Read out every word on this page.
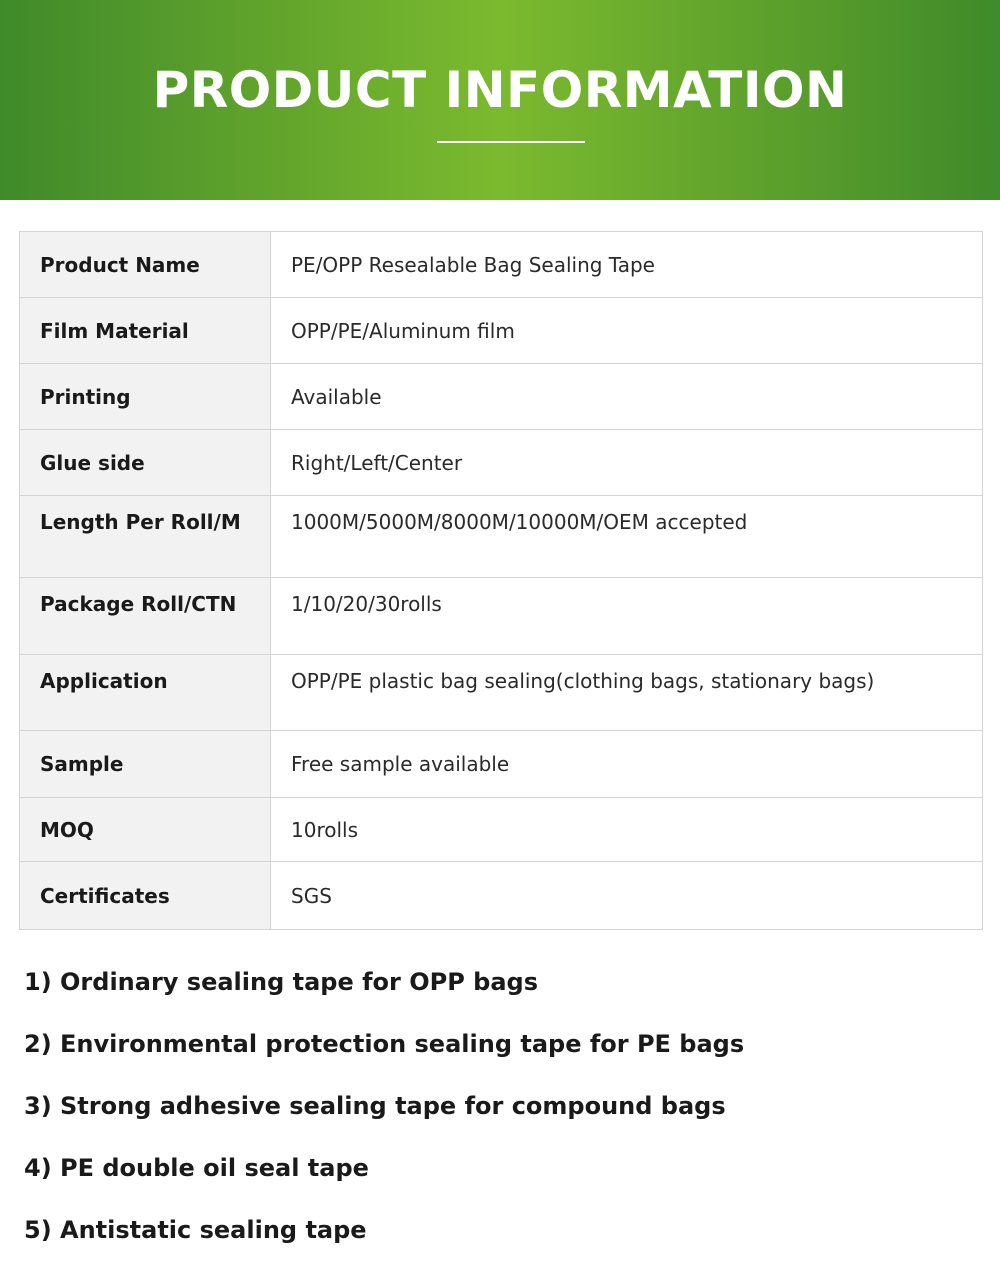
PRODUCT INFORMATION
Product Name	PE/OPP Resealable Bag Sealing Tape
Film Material	OPP/PE/Aluminum film
Printing	Available
Glue side	Right/Left/Center
Length Per Roll/M	1000M/5000M/8000M/10000M/OEM accepted
Package Roll/CTN	1/10/20/30rolls
Application	OPP/PE plastic bag sealing(clothing bags, stationary bags)
Sample	Free sample available
MOQ	10rolls
Certificates	SGS
1) Ordinary sealing tape for OPP bags
2) Environmental protection sealing tape for PE bags
3) Strong adhesive sealing tape for compound bags
4) PE double oil seal tape
5) Antistatic sealing tape
